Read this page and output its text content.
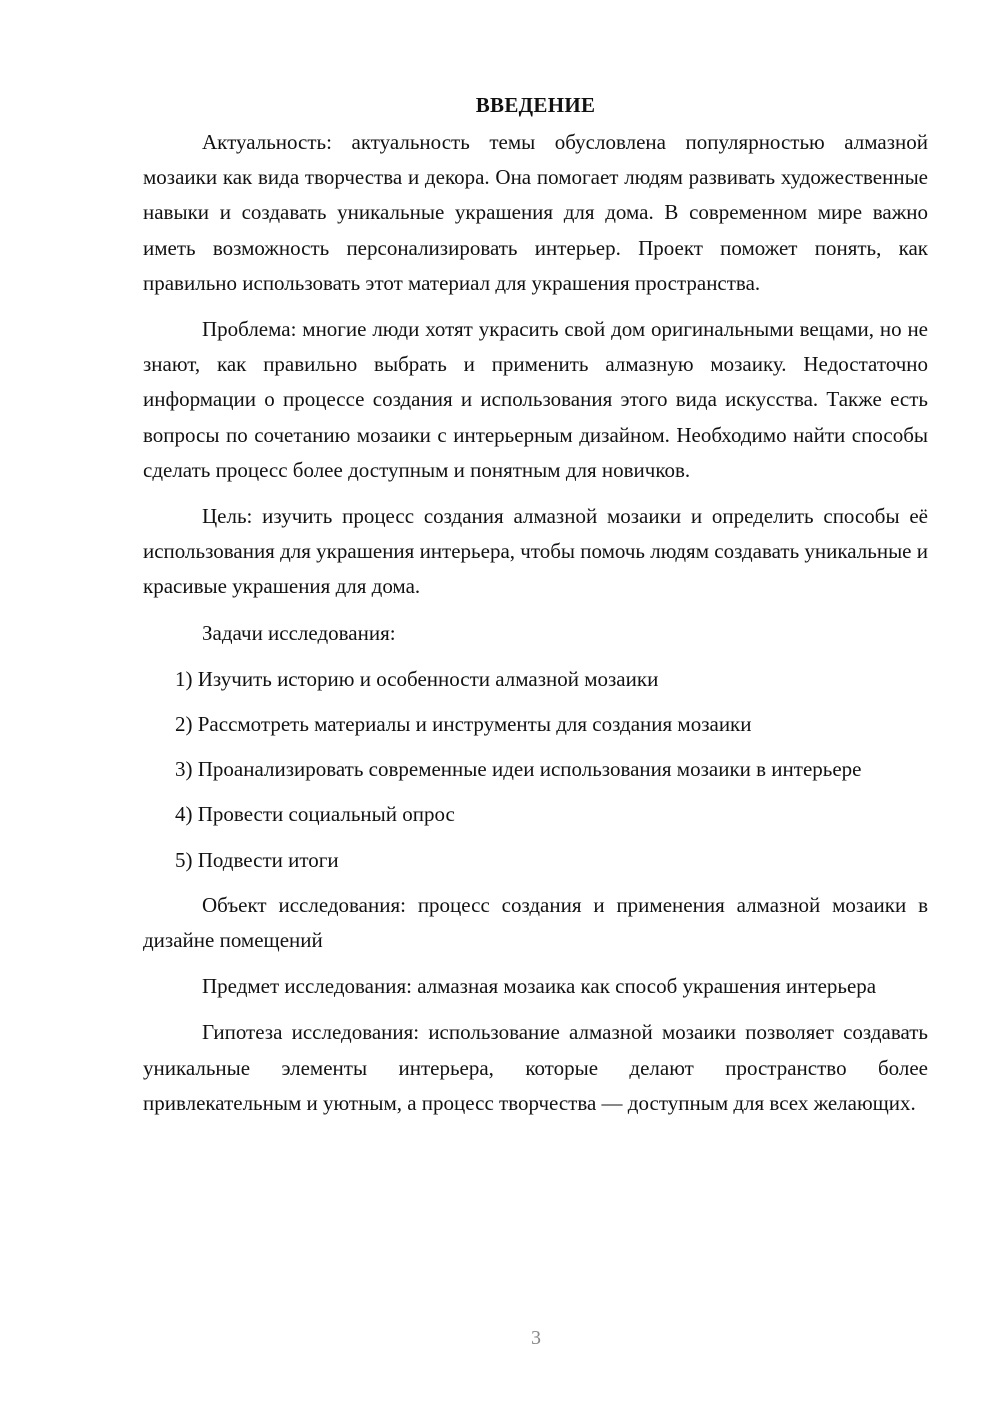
ВВЕДЕНИЕ

Актуальность: актуальность темы обусловлена популярностью алмазной мозаики как вида творчества и декора. Она помогает людям развивать художественные навыки и создавать уникальные украшения для дома. В современном мире важно иметь возможность персонализировать интерьер. Проект поможет понять, как правильно использовать этот материал для украшения пространства.

Проблема: многие люди хотят украсить свой дом оригинальными вещами, но не знают, как правильно выбрать и применить алмазную мозаику. Недостаточно информации о процессе создания и использования этого вида искусства. Также есть вопросы по сочетанию мозаики с интерьерным дизайном. Необходимо найти способы сделать процесс более доступным и понятным для новичков.

Цель: изучить процесс создания алмазной мозаики и определить способы её использования для украшения интерьера, чтобы помочь людям создавать уникальные и красивые украшения для дома.

Задачи исследования:

1) Изучить историю и особенности алмазной мозаики

2) Рассмотреть материалы и инструменты для создания мозаики

3) Проанализировать современные идеи использования мозаики в интерьере

4) Провести социальный опрос

5) Подвести итоги

Объект исследования: процесс создания и применения алмазной мозаики в дизайне помещений

Предмет исследования: алмазная мозаика как способ украшения интерьера

Гипотеза исследования: использование алмазной мозаики позволяет создавать уникальные элементы интерьера, которые делают пространство более привлекательным и уютным, а процесс творчества — доступным для всех желающих.

3
